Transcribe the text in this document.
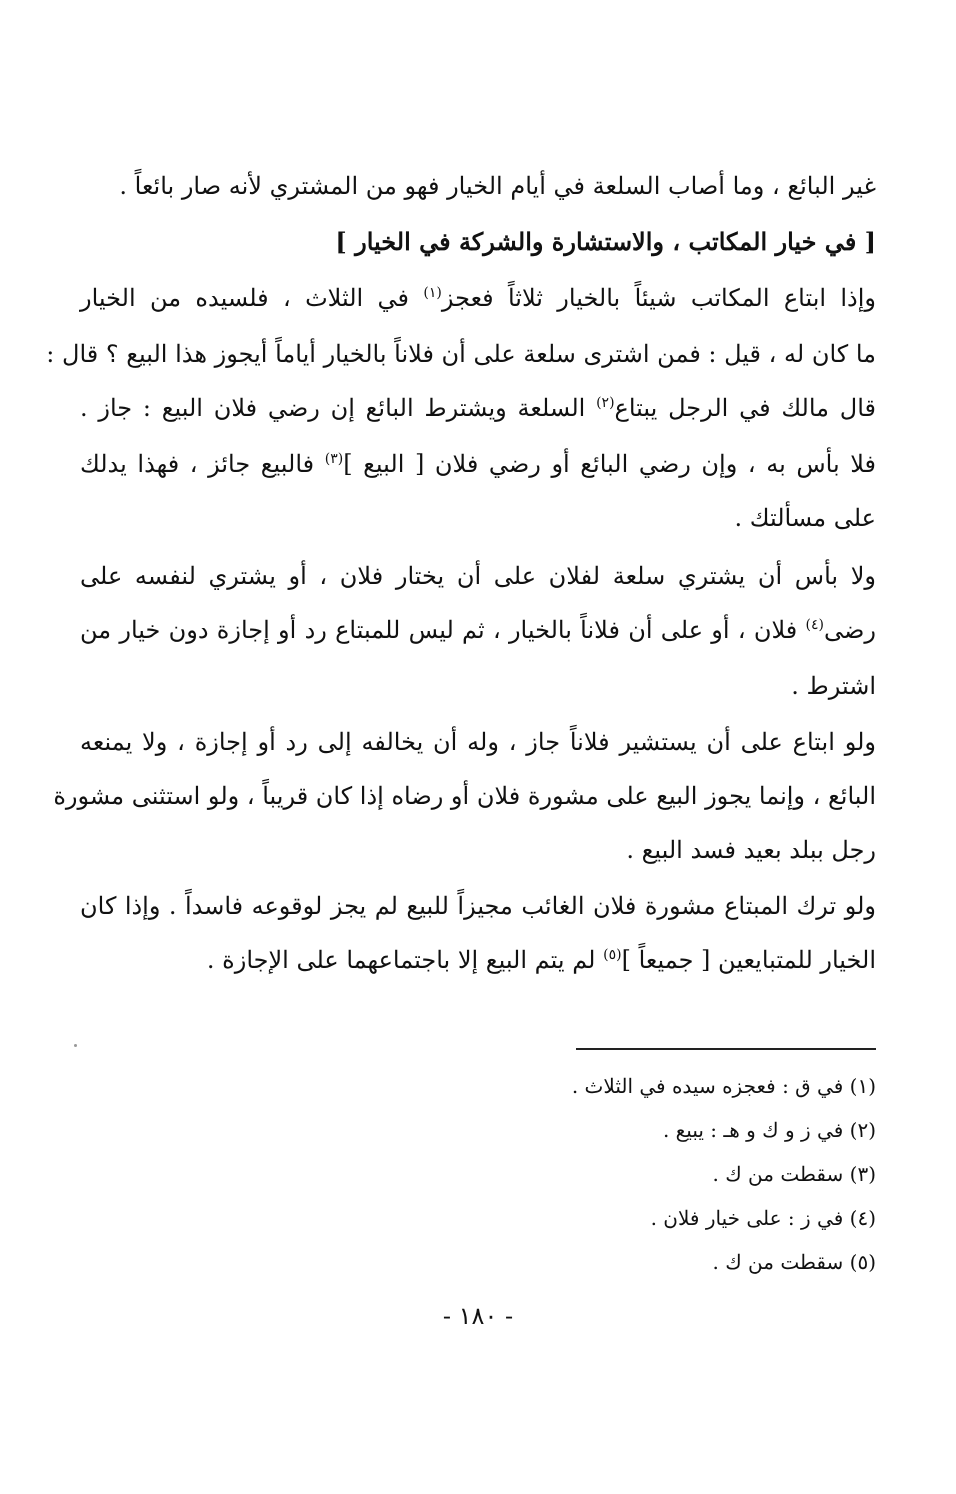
غير البائع ، وما أصاب السلعة في أيام الخيار فهو من المشتري لأنه صار بائعاً .
[ في خيار المكاتب ، والاستشارة والشركة في الخيار ]
وإذا ابتاع المكاتب شيئاً بالخيار ثلاثاً فعجز$^{(١)}$ في الثلاث ، فلسيده من الخيار
ما كان له ، قيل : فمن اشترى سلعة على أن فلاناً بالخيار أياماً أيجوز هذا البيع ؟ قال :
قال مالك في الرجل يبتاع$^{(٢)}$ السلعة ويشترط البائع إن رضي فلان البيع : جاز .
فلا بأس به ، وإن رضي البائع أو رضي فلان [ البيع ]$^{(٣)}$ فالبيع جائز ، فهذا يدلك
على مسألتك .
ولا بأس أن يشتري سلعة لفلان على أن يختار فلان ، أو يشتري لنفسه على
رضى$^{(٤)}$ فلان ، أو على أن فلاناً بالخيار ، ثم ليس للمبتاع رد أو إجازة دون خيار من
اشترط .
ولو ابتاع على أن يستشير فلاناً جاز ، وله أن يخالفه إلى رد أو إجازة ، ولا يمنعه
البائع ، وإنما يجوز البيع على مشورة فلان أو رضاه إذا كان قريباً ، ولو استثنى مشورة
رجل ببلد بعيد فسد البيع .
ولو ترك المبتاع مشورة فلان الغائب مجيزاً للبيع لم يجز لوقوعه فاسداً . وإذا كان
الخيار للمتبايعين [ جميعاً ]$^{(٥)}$ لم يتم البيع إلا باجتماعهما على الإجازة .
(١) في ق : فعجزه سيده في الثلاث .
(٢) في ز و ك و هـ : يبيع .
(٣) سقطت من ك .
(٤) في ز : على خيار فلان .
(٥) سقطت من ك .
- ١٨٠ -
